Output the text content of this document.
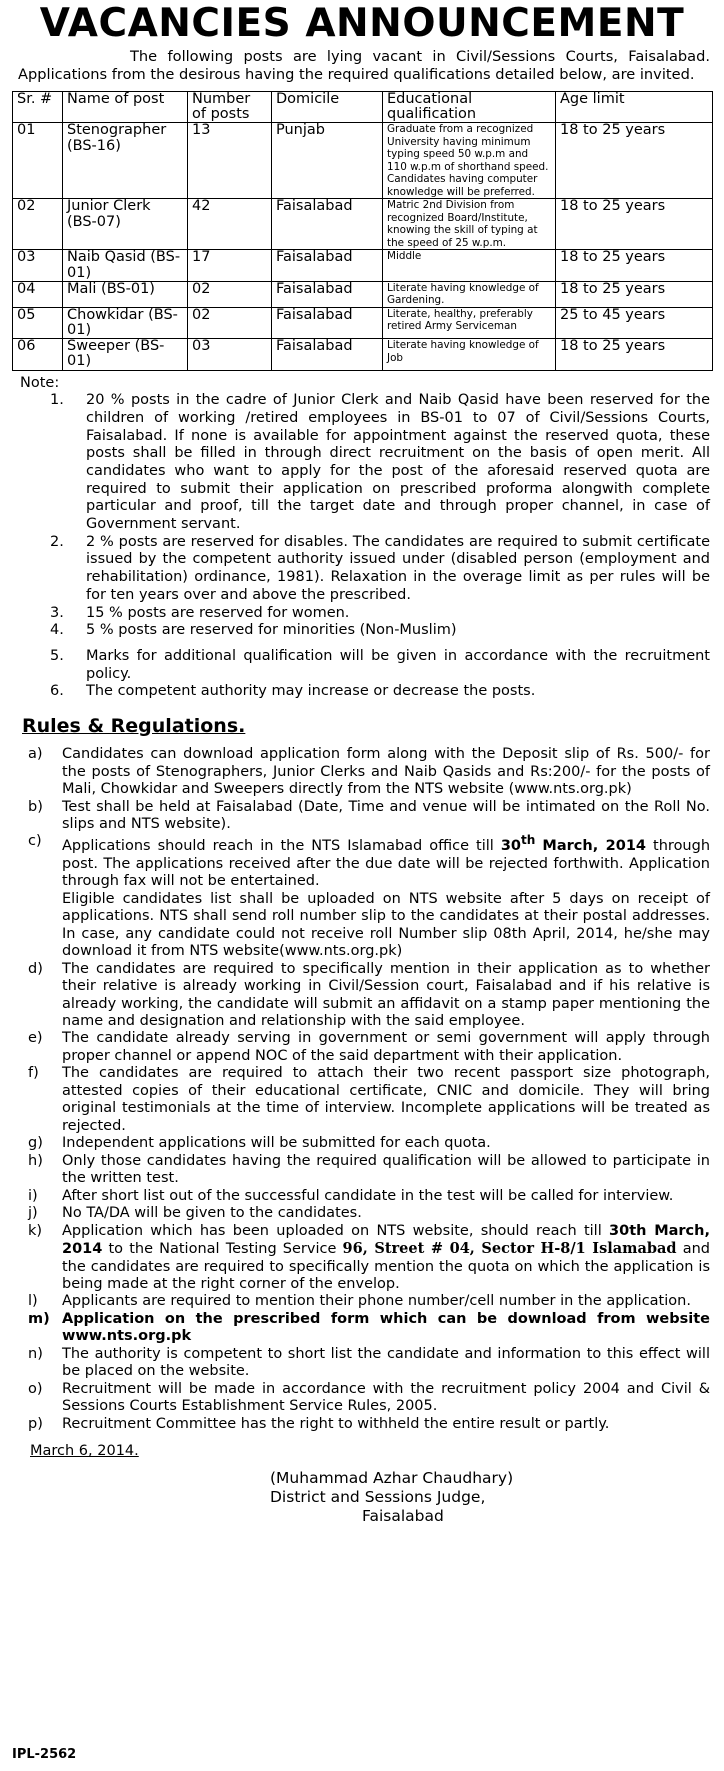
VACANCIES ANNOUNCEMENT

The following posts are lying vacant in Civil/Sessions Courts, Faisalabad. Applications from the desirous having the required qualifications detailed below, are invited.

Sr. #	Name of post	Number of posts	Domicile	Educational qualification	Age limit
01	Stenographer (BS-16)	13	Punjab	Graduate from a recognized University having minimum typing speed 50 w.p.m and 110 w.p.m of shorthand speed. Candidates having computer knowledge will be preferred.	18 to 25 years
02	Junior Clerk (BS-07)	42	Faisalabad	Matric 2nd Division from recognized Board/Institute, knowing the skill of typing at the speed of 25 w.p.m.	18 to 25 years
03	Naib Qasid (BS-01)	17	Faisalabad	Middle	18 to 25 years
04	Mali (BS-01)	02	Faisalabad	Literate having knowledge of Gardening.	18 to 25 years
05	Chowkidar (BS-01)	02	Faisalabad	Literate, healthy, preferably retired Army Serviceman	25 to 45 years
06	Sweeper (BS-01)	03	Faisalabad	Literate having knowledge of Job	18 to 25 years
Note:
1. 20 % posts in the cadre of Junior Clerk and Naib Qasid have been reserved for the children of working /retired employees in BS-01 to 07 of Civil/Sessions Courts, Faisalabad. If none is available for appointment against the reserved quota, these posts shall be filled in through direct recruitment on the basis of open merit. All candidates who want to apply for the post of the aforesaid reserved quota are required to submit their application on prescribed proforma alongwith complete particular and proof, till the target date and through proper channel, in case of Government servant.
2. 2 % posts are reserved for disables. The candidates are required to submit certificate issued by the competent authority issued under (disabled person (employment and rehabilitation) ordinance, 1981). Relaxation in the overage limit as per rules will be for ten years over and above the prescribed.
3. 15 % posts are reserved for women.
4. 5 % posts are reserved for minorities (Non-Muslim)
5. Marks for additional qualification will be given in accordance with the recruitment policy.
6. The competent authority may increase or decrease the posts.
Rules & Regulations.
a) Candidates can download application form along with the Deposit slip of Rs. 500/- for the posts of Stenographers, Junior Clerks and Naib Qasids and Rs:200/- for the posts of Mali, Chowkidar and Sweepers directly from the NTS website (www.nts.org.pk)
b) Test shall be held at Faisalabad (Date, Time and venue will be intimated on the Roll No. slips and NTS website).
c) Applications should reach in the NTS Islamabad office till 30th March, 2014 through post. The applications received after the due date will be rejected forthwith. Application through fax will not be entertained.
Eligible candidates list shall be uploaded on NTS website after 5 days on receipt of applications. NTS shall send roll number slip to the candidates at their postal addresses. In case, any candidate could not receive roll Number slip 08th April, 2014, he/she may download it from NTS website(www.nts.org.pk)
d) The candidates are required to specifically mention in their application as to whether their relative is already working in Civil/Session court, Faisalabad and if his relative is already working, the candidate will submit an affidavit on a stamp paper mentioning the name and designation and relationship with the said employee.
e) The candidate already serving in government or semi government will apply through proper channel or append NOC of the said department with their application.
f) The candidates are required to attach their two recent passport size photograph, attested copies of their educational certificate, CNIC and domicile. They will bring original testimonials at the time of interview. Incomplete applications will be treated as rejected.
g) Independent applications will be submitted for each quota.
h) Only those candidates having the required qualification will be allowed to participate in the written test.
i) After short list out of the successful candidate in the test will be called for interview.
j) No TA/DA will be given to the candidates.
k) Application which has been uploaded on NTS website, should reach till 30th March, 2014 to the National Testing Service 96, Street # 04, Sector H-8/1 Islamabad and the candidates are required to specifically mention the quota on which the application is being made at the right corner of the envelop.
l) Applicants are required to mention their phone number/cell number in the application.
m) Application on the prescribed form which can be download from website www.nts.org.pk
n) The authority is competent to short list the candidate and information to this effect will be placed on the website.
o) Recruitment will be made in accordance with the recruitment policy 2004 and Civil & Sessions Courts Establishment Service Rules, 2005.
p) Recruitment Committee has the right to withheld the entire result or partly.
March 6, 2014.
(Muhammad Azhar Chaudhary)
District and Sessions Judge,
Faisalabad
IPL-2562
